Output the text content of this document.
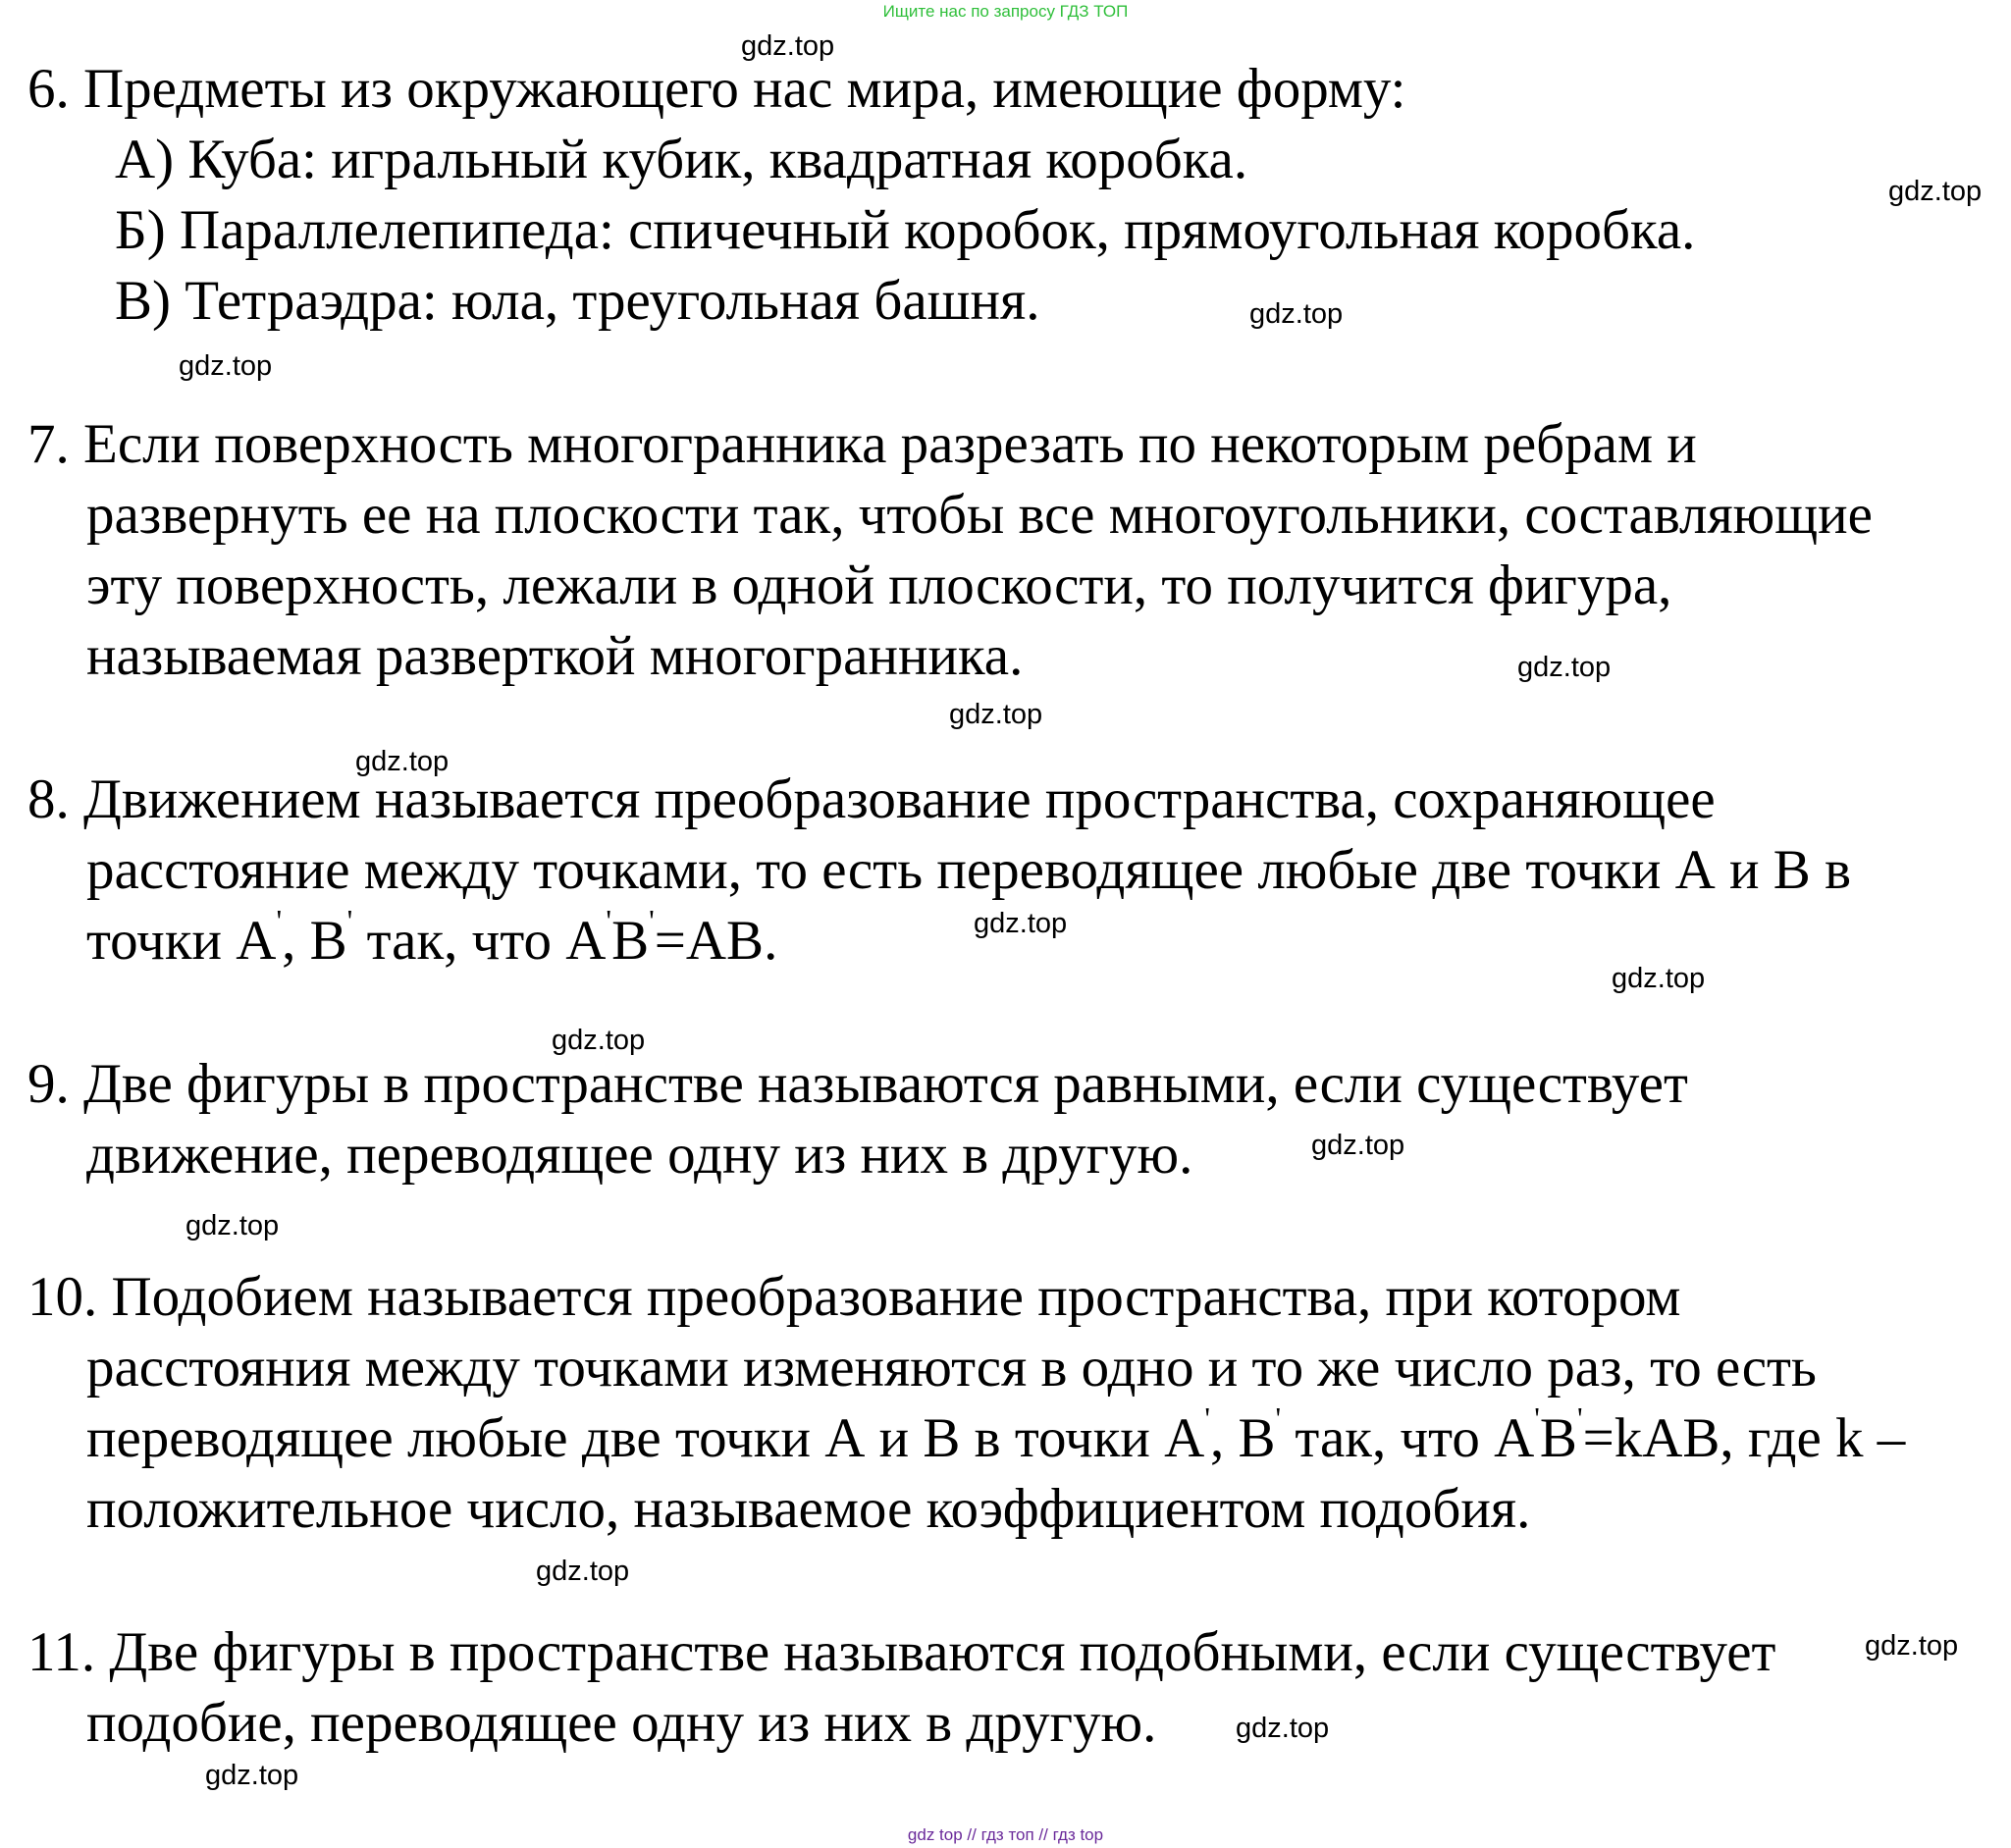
Ищите нас по запросу ГДЗ ТОП
6. Предметы из окружающего нас мира, имеющие форму:
А) Куба: игральный кубик, квадратная коробка.
Б) Параллелепипеда: спичечный коробок, прямоугольная коробка.
В) Тетраэдра: юла, треугольная башня.
7. Если поверхность многогранника разрезать по некоторым ребрам и
развернуть ее на плоскости так, чтобы все многоугольники, составляющие
эту поверхность, лежали в одной плоскости, то получится фигура,
называемая разверткой многогранника.
8. Движением называется преобразование пространства, сохраняющее
расстояние между точками, то есть переводящее любые две точки А и В в
точки А', В' так, что А'В'=АВ.
9. Две фигуры в пространстве называются равными, если существует
движение, переводящее одну из них в другую.
10. Подобием называется преобразование пространства, при котором
расстояния между точками изменяются в одно и то же число раз, то есть
переводящее любые две точки А и В в точки А', В' так, что А'В'=kАВ, где k –
положительное число, называемое коэффициентом подобия.
11. Две фигуры в пространстве называются подобными, если существует
подобие, переводящее одну из них в другую.
gdz.top
gdz.top
gdz.top
gdz.top
gdz.top
gdz.top
gdz.top
gdz.top
gdz.top
gdz.top
gdz.top
gdz.top
gdz.top
gdz.top
gdz.top
gdz.top
gdz top // гдз топ // гдз top
